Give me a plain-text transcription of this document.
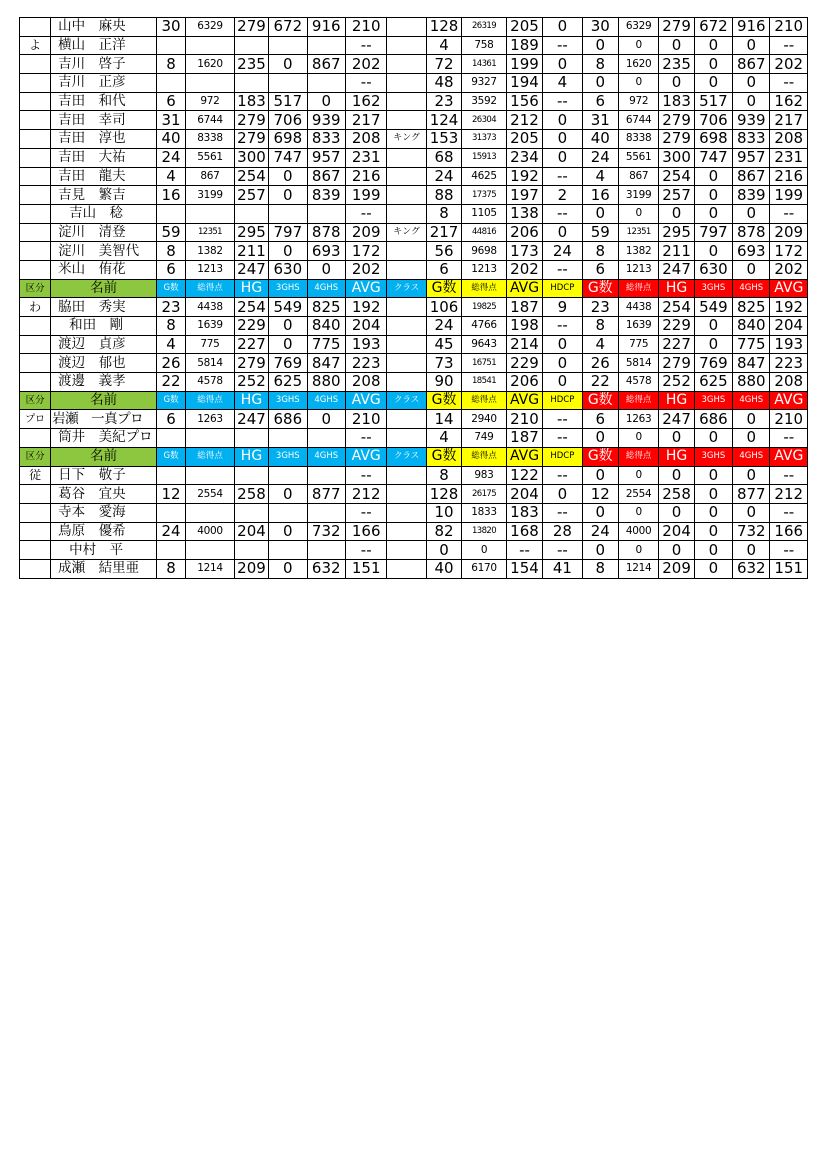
	山中　麻央	30	6329	279	672	916	210		128	26319	205	0	30	6329	279	672	916	210
よ	横山　正洋						--		4	758	189	--	0	0	0	0	0	--
	吉川　啓子	8	1620	235	0	867	202		72	14361	199	0	8	1620	235	0	867	202
	吉川　正彦						--		48	9327	194	4	0	0	0	0	0	--
	吉田　和代	6	972	183	517	0	162		23	3592	156	--	6	972	183	517	0	162
	吉田　幸司	31	6744	279	706	939	217		124	26304	212	0	31	6744	279	706	939	217
	吉田　淳也	40	8338	279	698	833	208	キング	153	31373	205	0	40	8338	279	698	833	208
	吉田　大祐	24	5561	300	747	957	231		68	15913	234	0	24	5561	300	747	957	231
	吉田　龍夫	4	867	254	0	867	216		24	4625	192	--	4	867	254	0	867	216
	吉見　繁吉	16	3199	257	0	839	199		88	17375	197	2	16	3199	257	0	839	199
	吉山　稔						--		8	1105	138	--	0	0	0	0	0	--
	淀川　清登	59	12351	295	797	878	209	キング	217	44816	206	0	59	12351	295	797	878	209
	淀川　美智代	8	1382	211	0	693	172		56	9698	173	24	8	1382	211	0	693	172
	米山　侑花	6	1213	247	630	0	202		6	1213	202	--	6	1213	247	630	0	202
区分	名前	G数	総得点	HG	3GHS	4GHS	AVG	クラス	G数	総得点	AVG	HDCP	G数	総得点	HG	3GHS	4GHS	AVG
わ	脇田　秀実	23	4438	254	549	825	192		106	19825	187	9	23	4438	254	549	825	192
	和田　剛	8	1639	229	0	840	204		24	4766	198	--	8	1639	229	0	840	204
	渡辺　貞彦	4	775	227	0	775	193		45	9643	214	0	4	775	227	0	775	193
	渡辺　郁也	26	5814	279	769	847	223		73	16751	229	0	26	5814	279	769	847	223
	渡邊　義孝	22	4578	252	625	880	208		90	18541	206	0	22	4578	252	625	880	208
区分	名前	G数	総得点	HG	3GHS	4GHS	AVG	クラス	G数	総得点	AVG	HDCP	G数	総得点	HG	3GHS	4GHS	AVG
プロ	岩瀬　一真プロ	6	1263	247	686	0	210		14	2940	210	--	6	1263	247	686	0	210
	筒井　美紀プロ						--		4	749	187	--	0	0	0	0	0	--
区分	名前	G数	総得点	HG	3GHS	4GHS	AVG	クラス	G数	総得点	AVG	HDCP	G数	総得点	HG	3GHS	4GHS	AVG
従	日下　敬子						--		8	983	122	--	0	0	0	0	0	--
	葛谷　宜央	12	2554	258	0	877	212		128	26175	204	0	12	2554	258	0	877	212
	寺本　愛海						--		10	1833	183	--	0	0	0	0	0	--
	鳥原　優希	24	4000	204	0	732	166		82	13820	168	28	24	4000	204	0	732	166
	中村　平						--		0	0	--	--	0	0	0	0	0	--
	成瀬　結里亜	8	1214	209	0	632	151		40	6170	154	41	8	1214	209	0	632	151
